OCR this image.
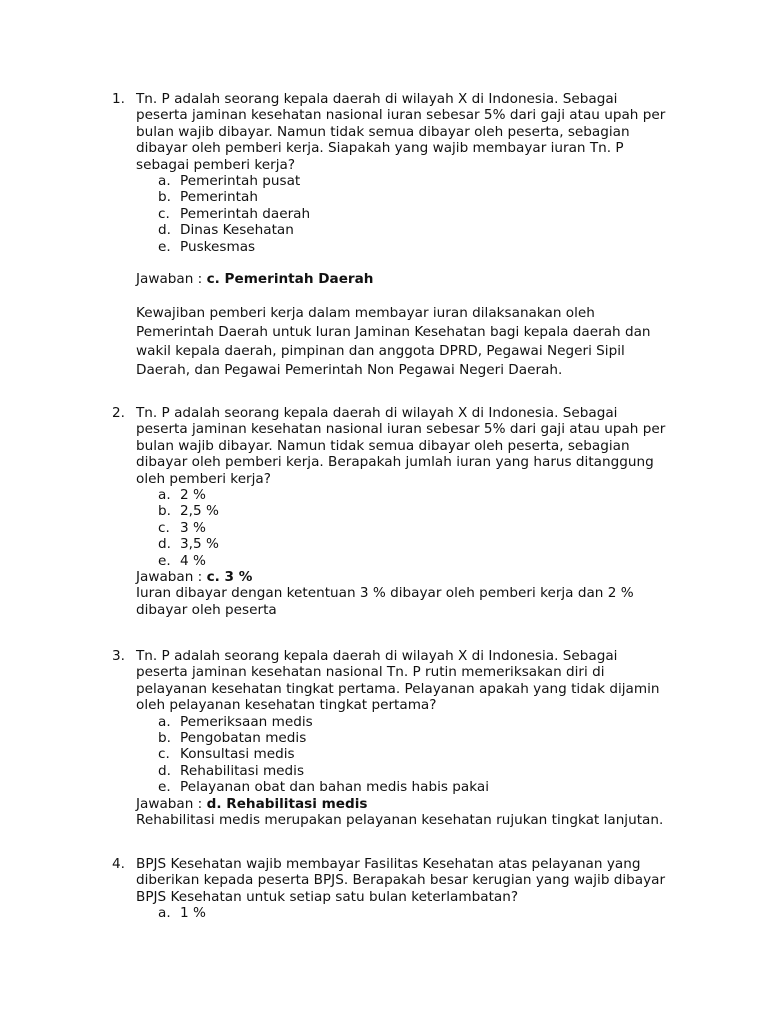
1. Tn. P adalah seorang kepala daerah di wilayah X di Indonesia. Sebagai
peserta jaminan kesehatan nasional iuran sebesar 5% dari gaji atau upah per
bulan wajib dibayar. Namun tidak semua dibayar oleh peserta, sebagian
dibayar oleh pemberi kerja. Siapakah yang wajib membayar iuran Tn. P
sebagai pemberi kerja?
a. Pemerintah pusat
b. Pemerintah
c. Pemerintah daerah
d. Dinas Kesehatan
e. Puskesmas
Jawaban : c. Pemerintah Daerah
Kewajiban pemberi kerja dalam membayar iuran dilaksanakan oleh
Pemerintah Daerah untuk Iuran Jaminan Kesehatan bagi kepala daerah dan
wakil kepala daerah, pimpinan dan anggota DPRD, Pegawai Negeri Sipil
Daerah, dan Pegawai Pemerintah Non Pegawai Negeri Daerah.
2. Tn. P adalah seorang kepala daerah di wilayah X di Indonesia. Sebagai
peserta jaminan kesehatan nasional iuran sebesar 5% dari gaji atau upah per
bulan wajib dibayar. Namun tidak semua dibayar oleh peserta, sebagian
dibayar oleh pemberi kerja. Berapakah jumlah iuran yang harus ditanggung
oleh pemberi kerja?
a. 2 %
b. 2,5 %
c. 3 %
d. 3,5 %
e. 4 %
Jawaban : c. 3 %
Iuran dibayar dengan ketentuan 3 % dibayar oleh pemberi kerja dan 2 %
dibayar oleh peserta
3. Tn. P adalah seorang kepala daerah di wilayah X di Indonesia. Sebagai
peserta jaminan kesehatan nasional Tn. P rutin memeriksakan diri di
pelayanan kesehatan tingkat pertama. Pelayanan apakah yang tidak dijamin
oleh pelayanan kesehatan tingkat pertama?
a. Pemeriksaan medis
b. Pengobatan medis
c. Konsultasi medis
d. Rehabilitasi medis
e. Pelayanan obat dan bahan medis habis pakai
Jawaban : d. Rehabilitasi medis
Rehabilitasi medis merupakan pelayanan kesehatan rujukan tingkat lanjutan.
4. BPJS Kesehatan wajib membayar Fasilitas Kesehatan atas pelayanan yang
diberikan kepada peserta BPJS. Berapakah besar kerugian yang wajib dibayar
BPJS Kesehatan untuk setiap satu bulan keterlambatan?
a. 1 %
